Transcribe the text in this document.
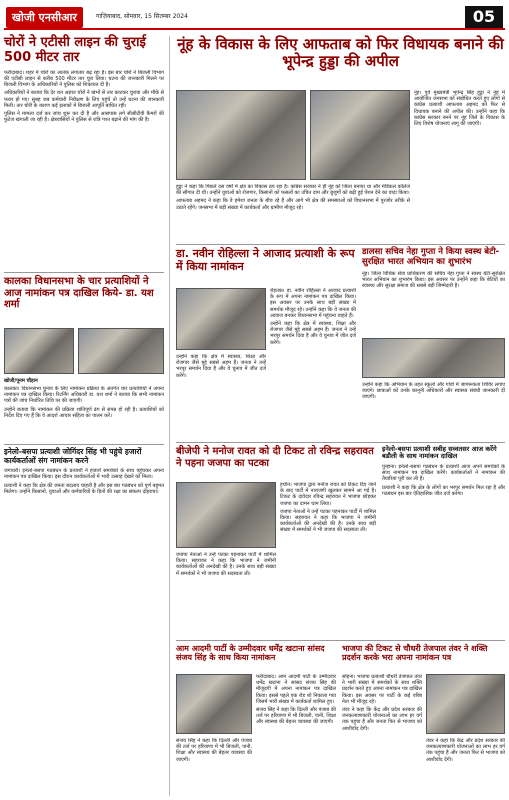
खोजी एनसीआर	गाज़ियाबाद, सोमवार, 15 सितम्बर 2024	05
चोरों ने एटीसी लाइन की चुराई 500 मीटर तार

फरीदाबाद। शहर में चोरों का आतंक लगातार बढ़ रहा है। इस बार चोरों ने बिजली विभाग की एटीसी लाइन से करीब 500 मीटर तार चुरा लिया। घटना की जानकारी मिलने पर बिजली विभाग के अधिकारियों ने पुलिस को शिकायत दी है।

अधिकारियों ने बताया कि देर रात अज्ञात चोरों ने खंभों से तार काटकर चुराया और मौके से फरार हो गए। सुबह जब कर्मचारी निरीक्षण के लिए पहुंचे तो उन्हें घटना की जानकारी मिली। तार चोरी के कारण कई इलाकों में बिजली आपूर्ति बाधित रही।

पुलिस ने मामला दर्ज कर जांच शुरू कर दी है और आसपास लगे सीसीटीवी कैमरों की फुटेज खंगाली जा रही है। क्षेत्रवासियों ने पुलिस से रात्रि गश्त बढ़ाने की मांग की है।

कालका विधानसभा के चार प्रत्याशियों ने आज नामांकन पत्र दाखिल किये- डा. यश शर्मा
खोजी/पूनम चौहान

कालका। विधानसभा चुनाव के लिए नामांकन प्रक्रिया के अंतर्गत चार प्रत्याशियों ने अपना नामांकन पत्र दाखिल किया। रिटर्निंग अधिकारी डा. यश शर्मा ने बताया कि सभी नामांकन पत्रों की जांच निर्धारित तिथि पर की जाएगी।

उन्होंने बताया कि नामांकन की प्रक्रिया शांतिपूर्ण ढंग से संपन्न हो रही है। प्रत्याशियों को निर्देश दिए गए हैं कि वे आदर्श आचार संहिता का पालन करें।

इनेलो-बसपा प्रत्याशी जोगिंदर सिंह भी पहुंचे हजारों कार्यकर्ताओं संग नामांकन करने

जगाधरी। इनेलो-बसपा गठबंधन के प्रत्याशी ने हजारों समर्थकों के साथ पहुंचकर अपना नामांकन पत्र दाखिल किया। इस दौरान कार्यकर्ताओं में भारी उत्साह देखने को मिला।

प्रत्याशी ने कहा कि क्षेत्र की जनता बदलाव चाहती है और इस बार गठबंधन को पूर्ण बहुमत मिलेगा। उन्होंने किसानों, युवाओं और कर्मचारियों के हितों की रक्षा का संकल्प दोहराया।

नूंह के विकास के लिए आफताब को फिर विधायक बनाने की भूपेन्द्र हुड्डा की अपील

नूंह। पूर्व मुख्यमंत्री भूपेन्द्र सिंह हुड्डा ने नूंह में आयोजित जनसभा को संबोधित करते हुए लोगों से कांग्रेस प्रत्याशी आफताब अहमद को फिर से विधायक बनाने की अपील की। उन्होंने कहा कि कांग्रेस सरकार बनने पर नूंह जिले के विकास के लिए विशेष योजनाएं लागू की जाएंगी।

हुड्डा ने कहा कि पिछले दस वर्षों में क्षेत्र का विकास ठप रहा है। कांग्रेस सरकार ने ही नूंह को जिला बनाया था और मेडिकल कॉलेज की सौगात दी थी। उन्होंने युवाओं को रोजगार, किसानों को फसलों का उचित दाम और बुजुर्गों को बढ़ी हुई पेंशन देने का वादा किया।

आफताब अहमद ने कहा कि वे हमेशा जनता के बीच रहे हैं और आगे भी क्षेत्र की समस्याओं को विधानसभा में पुरजोर तरीके से उठाते रहेंगे। जनसभा में बड़ी संख्या में कार्यकर्ता और ग्रामीण मौजूद रहे।

डा. नवीन रोहिल्ला ने आजाद प्रत्याशी के रूप में किया नामांकन

रोहतक। डा. नवीन रोहिल्ला ने आजाद प्रत्याशी के रूप में अपना नामांकन पत्र दाखिल किया। इस अवसर पर उनके साथ बड़ी संख्या में समर्थक मौजूद रहे। उन्होंने कहा कि वे जनता की आवाज बनकर विधानसभा में पहुंचना चाहते हैं।

उन्होंने कहा कि क्षेत्र में स्वास्थ्य, शिक्षा और रोजगार जैसे मुद्दे सबसे अहम हैं। जनता ने उन्हें भरपूर समर्थन दिया है और वे चुनाव में जीत दर्ज करेंगे।

उन्होंने कहा कि क्षेत्र में स्वास्थ्य, शिक्षा और रोजगार जैसे मुद्दे सबसे अहम हैं। जनता ने उन्हें भरपूर समर्थन दिया है और वे चुनाव में जीत दर्ज करेंगे।

डालसा सचिव नेहा गुप्ता ने किया स्वस्थ बेटी-सुरक्षित भारत अभियान का शुभारंभ

नूंह। जिला विधिक सेवा प्राधिकरण की सचिव नेहा गुप्ता ने स्वस्थ बेटी-सुरक्षित भारत अभियान का शुभारंभ किया। इस अवसर पर उन्होंने कहा कि बेटियों का स्वास्थ्य और सुरक्षा समाज की सबसे बड़ी जिम्मेदारी है।

उन्होंने कहा कि अभियान के तहत स्कूलों और गांवों में जागरूकता शिविर लगाए जाएंगे। छात्राओं को उनके कानूनी अधिकारों और स्वास्थ्य संबंधी जानकारी दी जाएगी।

बीजेपी ने मनोज रावत को दी टिकट तो रविन्द्र सहरावत ने पहना जजपा का पटका

हथीन। भाजपा द्वारा मनोज रावत को टिकट दिए जाने के बाद पार्टी में नाराजगी खुलकर सामने आ गई है। टिकट के दावेदार रविन्द्र सहरावत ने भाजपा छोड़कर जजपा का दामन थाम लिया।

जजपा नेताओं ने उन्हें पटका पहनाकर पार्टी में शामिल किया। सहरावत ने कहा कि भाजपा ने जमीनी कार्यकर्ताओं की अनदेखी की है। उनके साथ बड़ी संख्या में समर्थकों ने भी जजपा की सदस्यता ली।

जजपा नेताओं ने उन्हें पटका पहनाकर पार्टी में शामिल किया। सहरावत ने कहा कि भाजपा ने जमीनी कार्यकर्ताओं की अनदेखी की है। उनके साथ बड़ी संख्या में समर्थकों ने भी जजपा की सदस्यता ली।

इनेलो-बसपा प्रत्याशी सबीह सव्वतसर आज करेंगे बडौली के साथ नामांकन दाखिल

पुन्हाना। इनेलो-बसपा गठबंधन के प्रत्याशी आज अपने समर्थकों के साथ नामांकन पत्र दाखिल करेंगे। कार्यकर्ताओं ने नामांकन की तैयारियां पूरी कर ली हैं।

प्रत्याशी ने कहा कि क्षेत्र के लोगों का भरपूर समर्थन मिल रहा है और गठबंधन इस बार ऐतिहासिक जीत दर्ज करेगा।

आम आदमी पार्टी के उम्मीदवार धर्मेंद्र खटाना सांसद संजय सिंह के साथ किया नामांकन

फरीदाबाद। आम आदमी पार्टी के उम्मीदवार धर्मेंद्र खटाना ने सांसद संजय सिंह की मौजूदगी में अपना नामांकन पत्र दाखिल किया। इससे पहले एक रोड शो निकाला गया जिसमें भारी संख्या में कार्यकर्ता शामिल हुए।

संजय सिंह ने कहा कि दिल्ली और पंजाब की तर्ज पर हरियाणा में भी बिजली, पानी, शिक्षा और स्वास्थ्य की बेहतर व्यवस्था की जाएगी।

संजय सिंह ने कहा कि दिल्ली और पंजाब की तर्ज पर हरियाणा में भी बिजली, पानी, शिक्षा और स्वास्थ्य की बेहतर व्यवस्था की जाएगी।

भाजपा की टिकट से चौधरी तेजपाल तंवर ने शक्ति प्रदर्शन करके भरा अपना नामांकन पत्र

सोहना। भाजपा प्रत्याशी चौधरी तेजपाल तंवर ने भारी संख्या में समर्थकों के साथ शक्ति प्रदर्शन करते हुए अपना नामांकन पत्र दाखिल किया। इस अवसर पर पार्टी के कई वरिष्ठ नेता भी मौजूद रहे।

तंवर ने कहा कि केंद्र और प्रदेश सरकार की जनकल्याणकारी योजनाओं का लाभ हर वर्ग तक पहुंचा है और जनता फिर से भाजपा को आशीर्वाद देगी।

तंवर ने कहा कि केंद्र और प्रदेश सरकार की जनकल्याणकारी योजनाओं का लाभ हर वर्ग तक पहुंचा है और जनता फिर से भाजपा को आशीर्वाद देगी।
